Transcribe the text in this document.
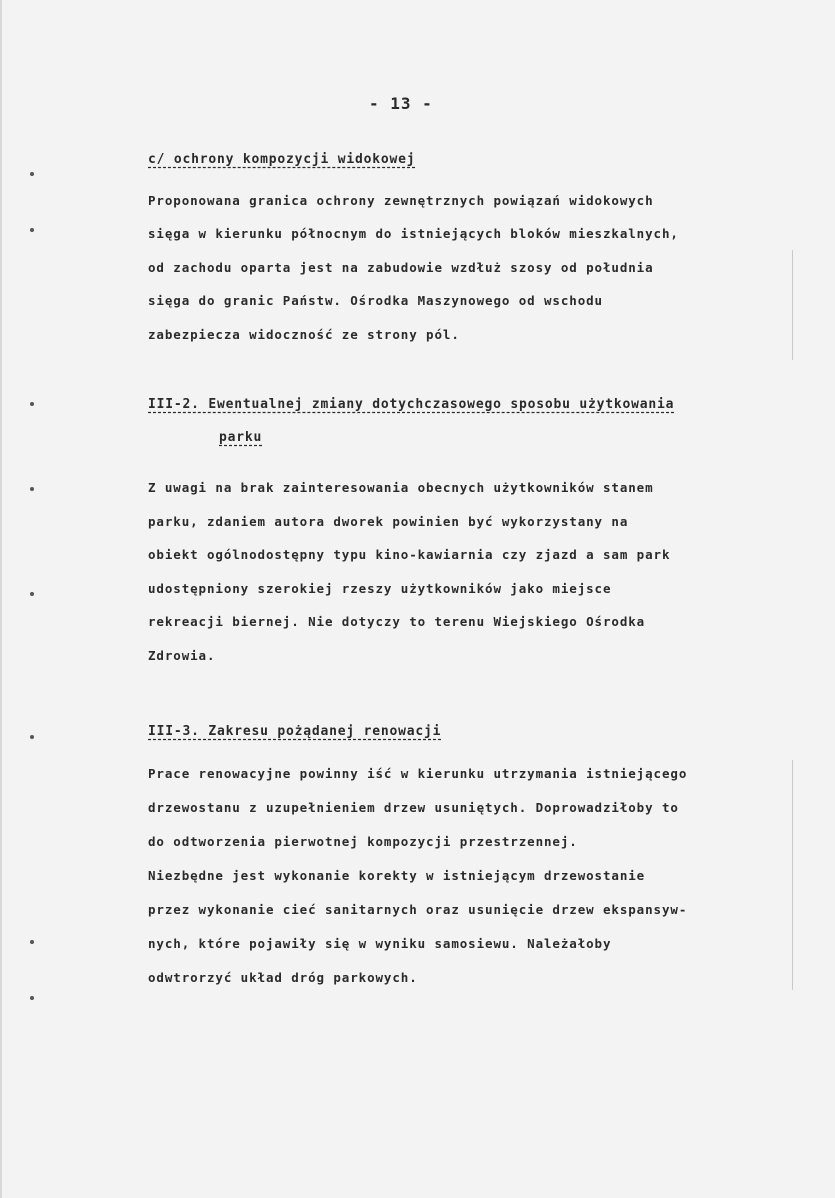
- 13 -
c/ ochrony kompozycji widokowej
Proponowana granica ochrony zewnętrznych powiązań widokowych
sięga w kierunku północnym do istniejących bloków mieszkalnych,
od zachodu oparta jest na zabudowie wzdłuż szosy od południa
sięga do granic Państw. Ośrodka Maszynowego od wschodu
zabezpiecza widoczność ze strony pól.
III-2. Ewentualnej zmiany dotychczasowego sposobu użytkowania
parku
Z uwagi na brak zainteresowania obecnych użytkowników stanem
parku, zdaniem autora dworek powinien być wykorzystany na
obiekt ogólnodostępny typu kino-kawiarnia czy zjazd a sam park
udostępniony szerokiej rzeszy użytkowników jako miejsce
rekreacji biernej. Nie dotyczy to terenu Wiejskiego Ośrodka
Zdrowia.
III-3. Zakresu pożądanej renowacji
Prace renowacyjne powinny iść w kierunku utrzymania istniejącego
drzewostanu z uzupełnieniem drzew usuniętych. Doprowadziłoby to
do odtworzenia pierwotnej kompozycji przestrzennej.
Niezbędne jest wykonanie korekty w istniejącym drzewostanie
przez wykonanie cieć sanitarnych oraz usunięcie drzew ekspansyw-
nych, które pojawiły się w wyniku samosiewu. Należałoby
odwtrorzyć układ dróg parkowych.
